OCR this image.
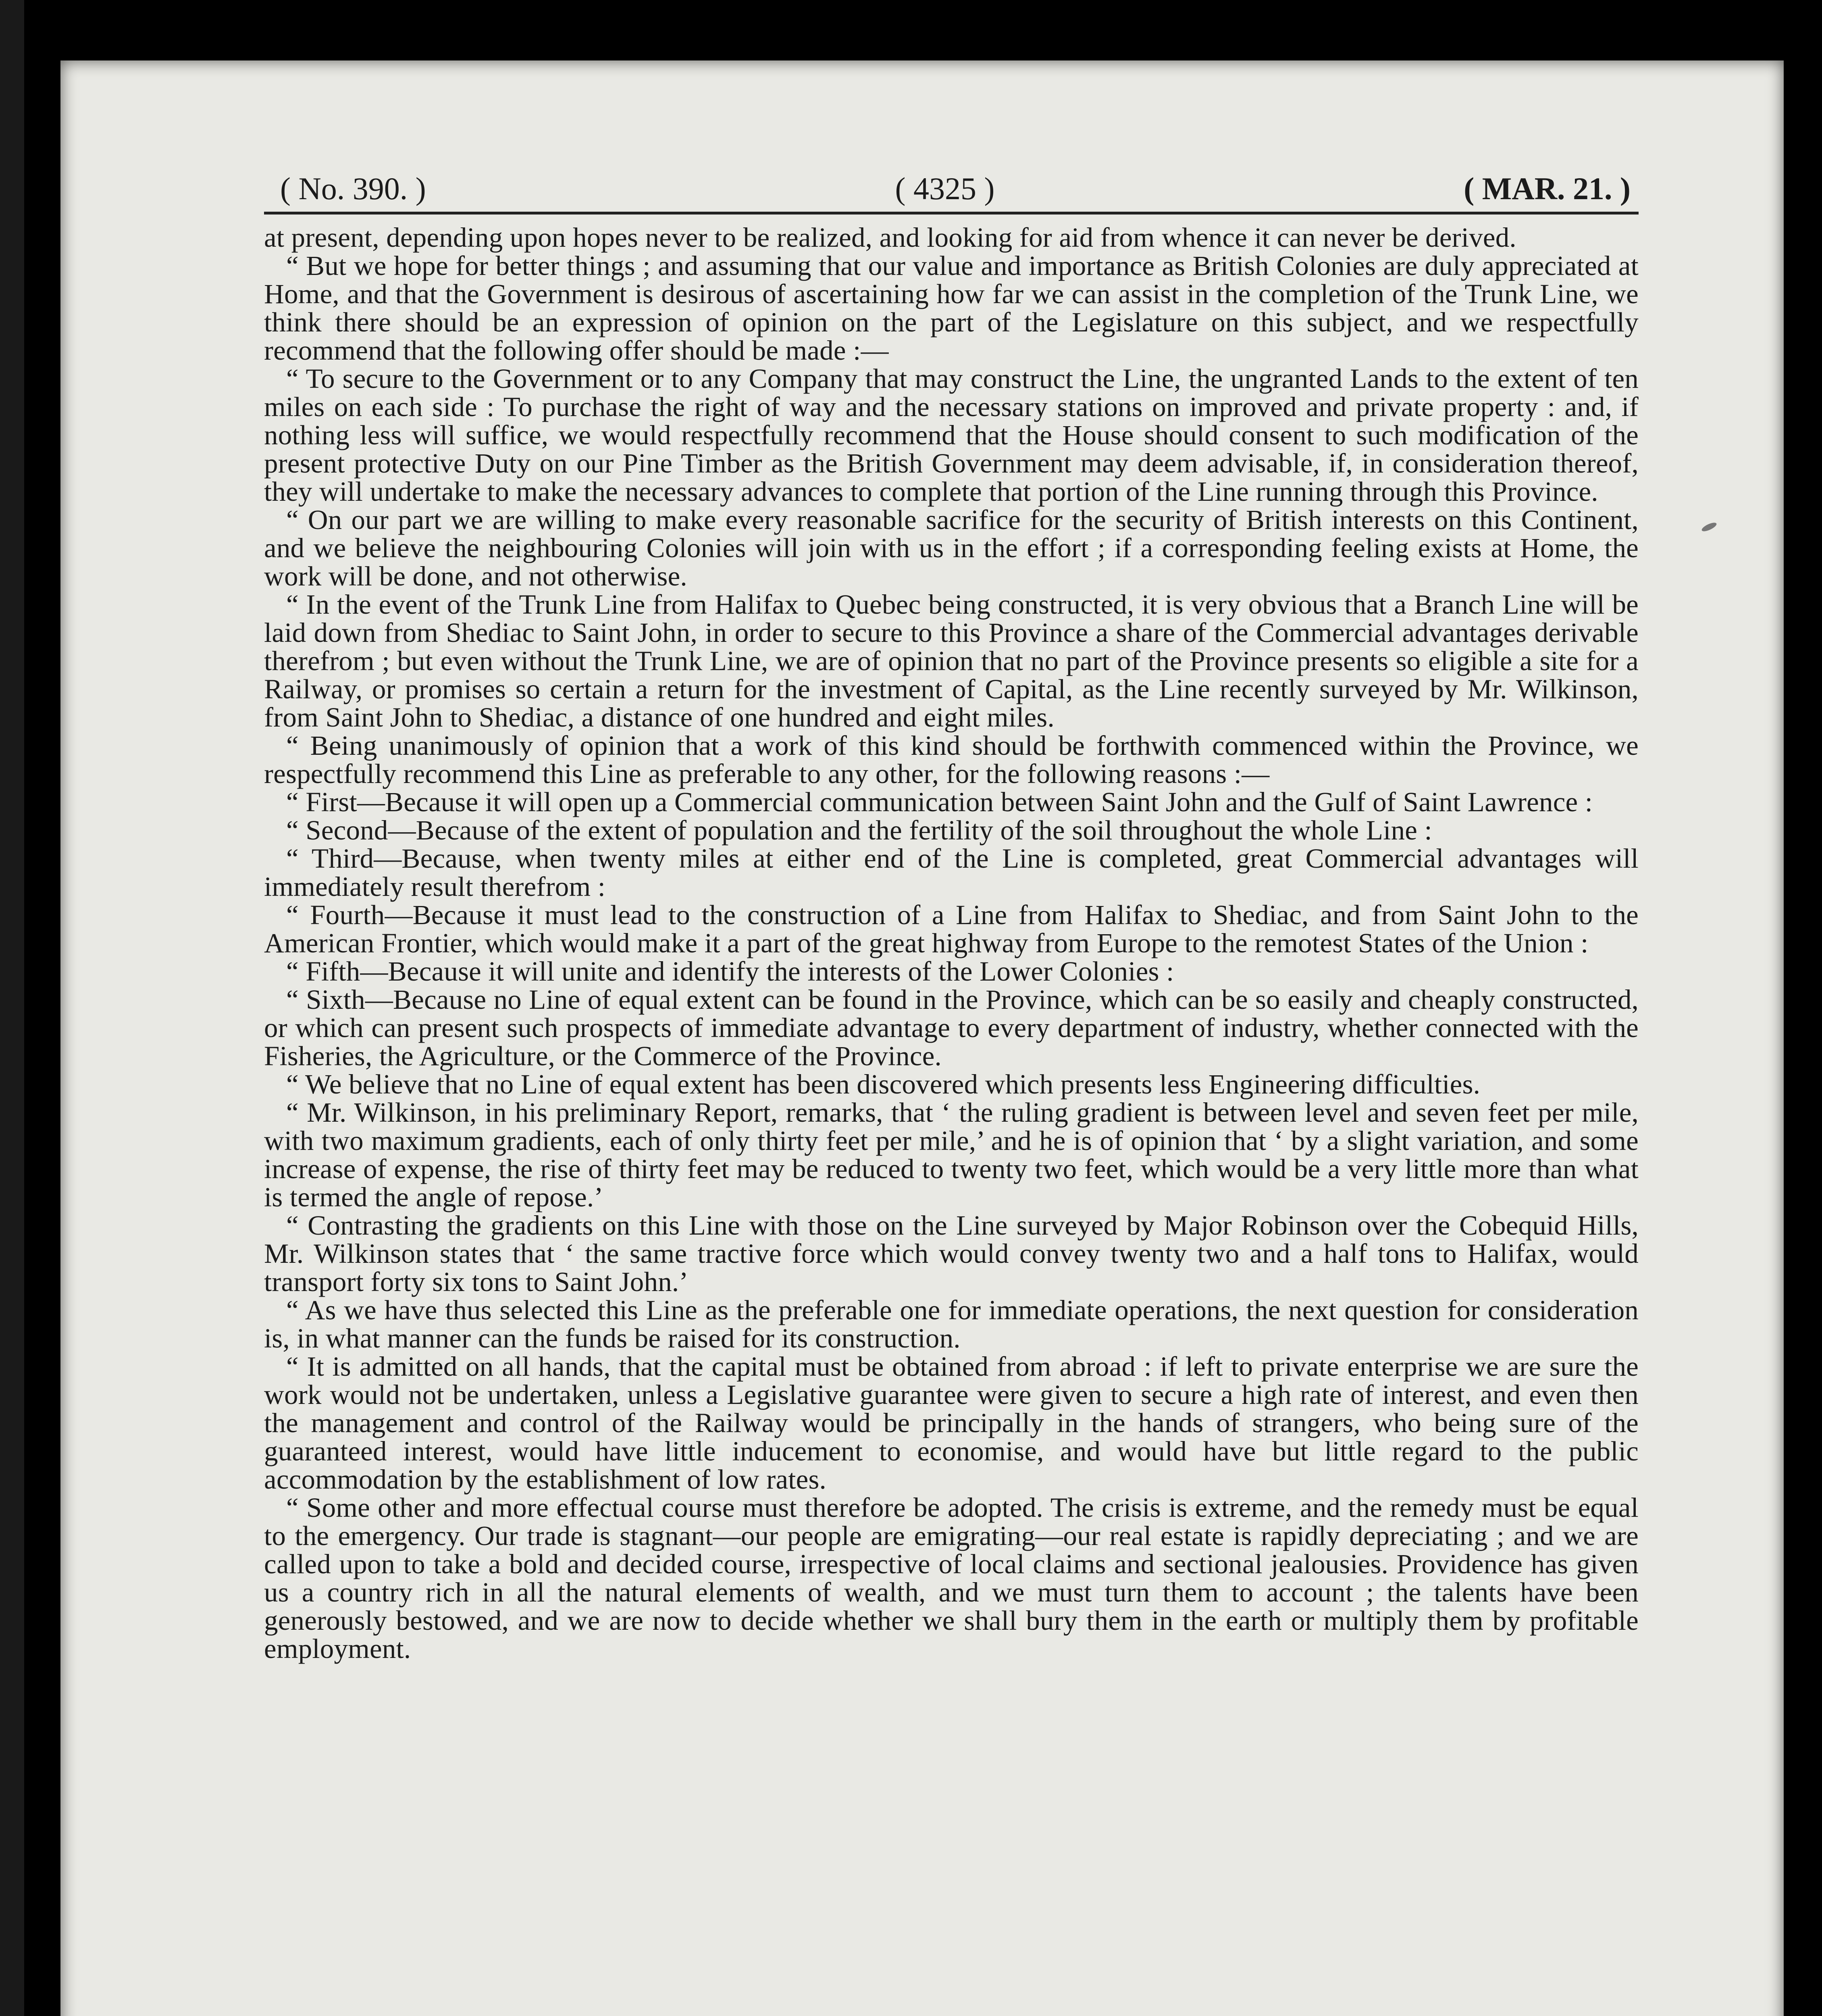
( No. 390. )	( 4325 )	( MAR. 21. )

at present, depending upon hopes never to be realized, and looking for aid from whence it can never be derived.

“ But we hope for better things ; and assuming that our value and importance as British Colonies are duly appreciated at Home, and that the Government is desirous of ascertaining how far we can assist in the completion of the Trunk Line, we think there should be an expression of opinion on the part of the Legislature on this subject, and we respectfully recommend that the following offer should be made :—

“ To secure to the Government or to any Company that may construct the Line, the ungranted Lands to the extent of ten miles on each side : To purchase the right of way and the necessary stations on improved and private property : and, if nothing less will suffice, we would respectfully recommend that the House should consent to such modification of the present protective Duty on our Pine Timber as the British Government may deem advisable, if, in consideration thereof, they will undertake to make the necessary advances to complete that portion of the Line running through this Province.

“ On our part we are willing to make every reasonable sacrifice for the security of British interests on this Continent, and we believe the neighbouring Colonies will join with us in the effort ; if a corresponding feeling exists at Home, the work will be done, and not otherwise.

“ In the event of the Trunk Line from Halifax to Quebec being constructed, it is very obvious that a Branch Line will be laid down from Shediac to Saint John, in order to secure to this Province a share of the Commercial advantages derivable therefrom ; but even without the Trunk Line, we are of opinion that no part of the Province presents so eligible a site for a Railway, or promises so certain a return for the investment of Capital, as the Line recently surveyed by Mr. Wilkinson, from Saint John to Shediac, a distance of one hundred and eight miles.

“ Being unanimously of opinion that a work of this kind should be forthwith commenced within the Province, we respectfully recommend this Line as preferable to any other, for the following reasons :—

“ First—Because it will open up a Commercial communication between Saint John and the Gulf of Saint Lawrence :

“ Second—Because of the extent of population and the fertility of the soil throughout the whole Line :

“ Third—Because, when twenty miles at either end of the Line is completed, great Commercial advantages will immediately result therefrom :

“ Fourth—Because it must lead to the construction of a Line from Halifax to Shediac, and from Saint John to the American Frontier, which would make it a part of the great highway from Europe to the remotest States of the Union :

“ Fifth—Because it will unite and identify the interests of the Lower Colonies :

“ Sixth—Because no Line of equal extent can be found in the Province, which can be so easily and cheaply constructed, or which can present such prospects of immediate advantage to every department of industry, whether connected with the Fisheries, the Agriculture, or the Commerce of the Province.

“ We believe that no Line of equal extent has been discovered which presents less Engineering difficulties.

“ Mr. Wilkinson, in his preliminary Report, remarks, that ‘ the ruling gradient is between level and seven feet per mile, with two maximum gradients, each of only thirty feet per mile,’ and he is of opinion that ‘ by a slight variation, and some increase of expense, the rise of thirty feet may be reduced to twenty two feet, which would be a very little more than what is termed the angle of repose.’

“ Contrasting the gradients on this Line with those on the Line surveyed by Major Robinson over the Cobequid Hills, Mr. Wilkinson states that ‘ the same tractive force which would convey twenty two and a half tons to Halifax, would transport forty six tons to Saint John.’

“ As we have thus selected this Line as the preferable one for immediate operations, the next question for consideration is, in what manner can the funds be raised for its construction.

“ It is admitted on all hands, that the capital must be obtained from abroad : if left to private enterprise we are sure the work would not be undertaken, unless a Legislative guarantee were given to secure a high rate of interest, and even then the management and control of the Railway would be principally in the hands of strangers, who being sure of the guaranteed interest, would have little inducement to economise, and would have but little regard to the public accommodation by the establishment of low rates.

“ Some other and more effectual course must therefore be adopted. The crisis is extreme, and the remedy must be equal to the emergency. Our trade is stagnant—our people are emigrating—our real estate is rapidly depreciating ; and we are called upon to take a bold and decided course, irrespective of local claims and sectional jealousies. Providence has given us a country rich in all the natural elements of wealth, and we must turn them to account ; the talents have been generously bestowed, and we are now to decide whether we shall bury them in the earth or multiply them by profitable employment.
